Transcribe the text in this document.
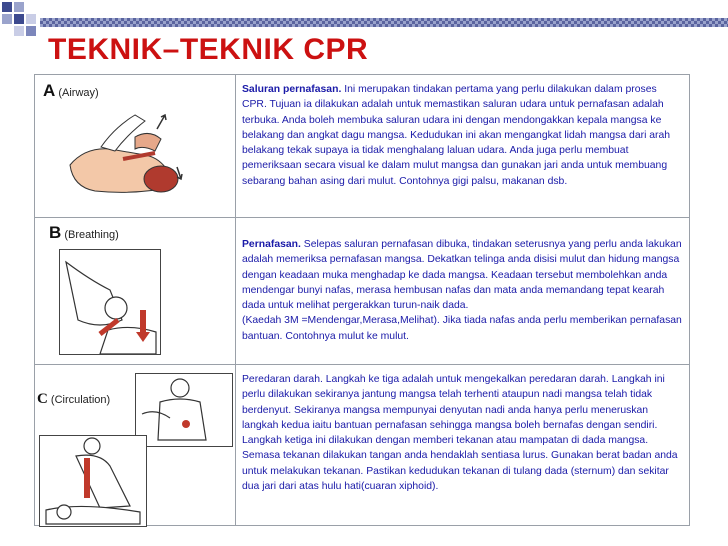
TEKNIK–TEKNIK CPR
A (Airway)	Saluran pernafasan. Ini merupakan tindakan pertama yang perlu dilakukan dalam proses CPR. Tujuan ia dilakukan adalah untuk memastikan saluran udara untuk pernafasan adalah terbuka. Anda boleh membuka saluran udara ini dengan mendongakkan kepala mangsa ke belakang dan angkat dagu mangsa. Kedudukan ini akan mengangkat lidah mangsa dari arah belakang tekak supaya ia tidak menghalang laluan udara. Anda juga perlu membuat pemeriksaan secara visual ke dalam mulut mangsa dan gunakan jari anda untuk membuang sebarang bahan asing dari mulut. Contohnya gigi palsu, makanan dsb.
B (Breathing)
Pernafasan. Selepas saluran pernafasan dibuka, tindakan seterusnya yang perlu anda lakukan adalah memeriksa pernafasan mangsa. Dekatkan telinga anda disisi mulut dan hidung mangsa dengan keadaan muka menghadap ke dada mangsa. Keadaan tersebut membolehkan anda mendengar bunyi nafas, merasa hembusan nafas dan mata anda memandang tepat kearah dada untuk melihat pergerakkan turun-naik dada.
(Kaedah 3M =Mendengar,Merasa,Melihat). Jika tiada nafas anda perlu memberikan pernafasan bantuan. Contohnya mulut ke mulut.
C (Circulation)
Peredaran darah. Langkah ke tiga adalah untuk mengekalkan peredaran darah. Langkah ini perlu dilakukan sekiranya jantung mangsa telah terhenti ataupun nadi mangsa telah tidak berdenyut. Sekiranya mangsa mempunyai denyutan nadi anda hanya perlu meneruskan langkah kedua iaitu bantuan pernafasan sehingga mangsa boleh bernafas dengan sendiri. Langkah ketiga ini dilakukan dengan memberi tekanan atau mampatan di dada mangsa. Semasa tekanan dilakukan tangan anda hendaklah sentiasa lurus. Gunakan berat badan anda untuk melakukan tekanan. Pastikan kedudukan tekanan di tulang dada (sternum) dan sekitar dua jari dari atas hulu hati(cuaran xiphoid).
